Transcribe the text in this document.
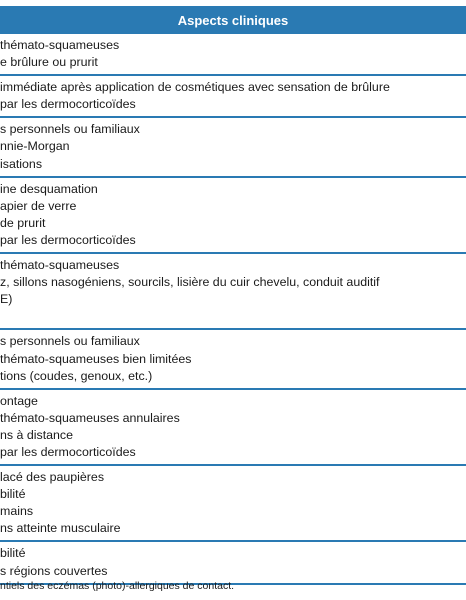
Aspects cliniques
thémato-squameuses
e brûlure ou prurit
immédiate après application de cosmétiques avec sensation de brûlure
par les dermocorticoïdes
s personnels ou familiaux
nnie-Morgan
isations
ine desquamation
apier de verre
de prurit
par les dermocorticoïdes
thémato-squameuses
z, sillons nasogéniens, sourcils, lisière du cuir chevelu, conduit auditif
E)

s personnels ou familiaux
thémato-squameuses bien limitées
tions (coudes, genoux, etc.)
ontage
thémato-squameuses annulaires
ns à distance
par les dermocorticoïdes
lacé des paupières
bilité
mains
ns atteinte musculaire
bilité
s régions couvertes
ntiels des eczémas (photo)-allergiques de contact.
